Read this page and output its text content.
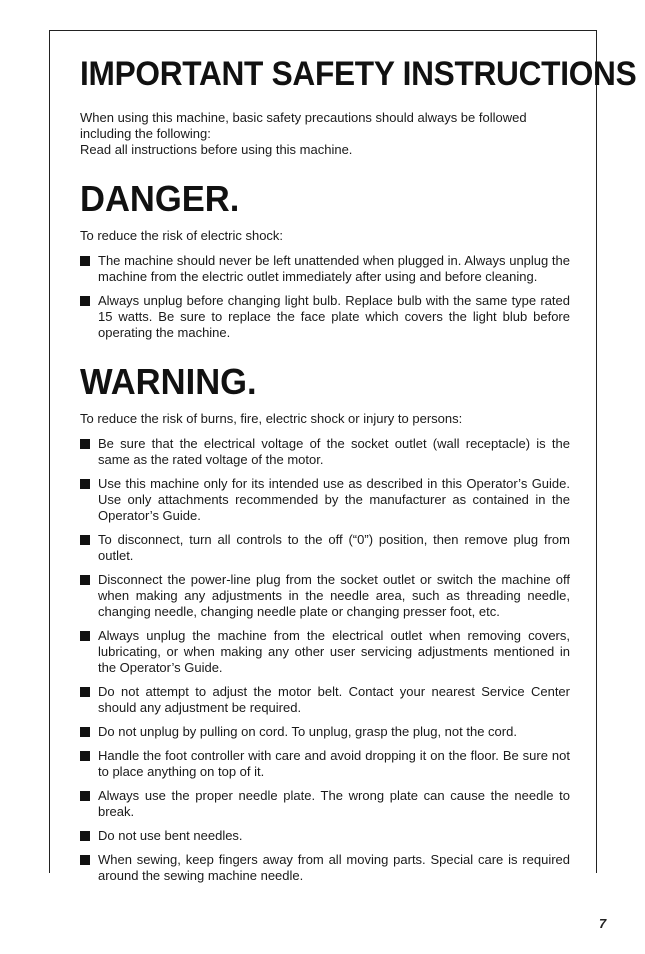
IMPORTANT SAFETY INSTRUCTIONS

When using this machine, basic safety precautions should always be followed including the following:

Read all instructions before using this machine.

DANGER.

To reduce the risk of electric shock:

The machine should never be left unattended when plugged in. Always unplug the machine from the electric outlet immediately after using and before cleaning.
Always unplug before changing light bulb. Replace bulb with the same type rated 15 watts. Be sure to replace the face plate which covers the light blub before operating the machine.
WARNING.

To reduce the risk of burns, fire, electric shock or injury to persons:

Be sure that the electrical voltage of the socket outlet (wall receptacle) is the same as the rated voltage of the motor.
Use this machine only for its intended use as described in this Operator’s Guide. Use only attachments recommended by the manufacturer as contained in the Operator’s Guide.
To disconnect, turn all controls to the off (“0”) position, then remove plug from outlet.
Disconnect the power-line plug from the socket outlet or switch the machine off when making any adjustments in the needle area, such as threading needle, changing needle, changing needle plate or changing presser foot, etc.
Always unplug the machine from the electrical outlet when removing covers, lubricating, or when making any other user servicing adjustments mentioned in the Operator’s Guide.
Do not attempt to adjust the motor belt. Contact your nearest Service Center should any adjustment be required.
Do not unplug by pulling on cord. To unplug, grasp the plug, not the cord.
Handle the foot controller with care and avoid dropping it on the floor. Be sure not to place anything on top of it.
Always use the proper needle plate. The wrong plate can cause the needle to break.
Do not use bent needles.
When sewing, keep fingers away from all moving parts. Special care is required around the sewing machine needle.
7
